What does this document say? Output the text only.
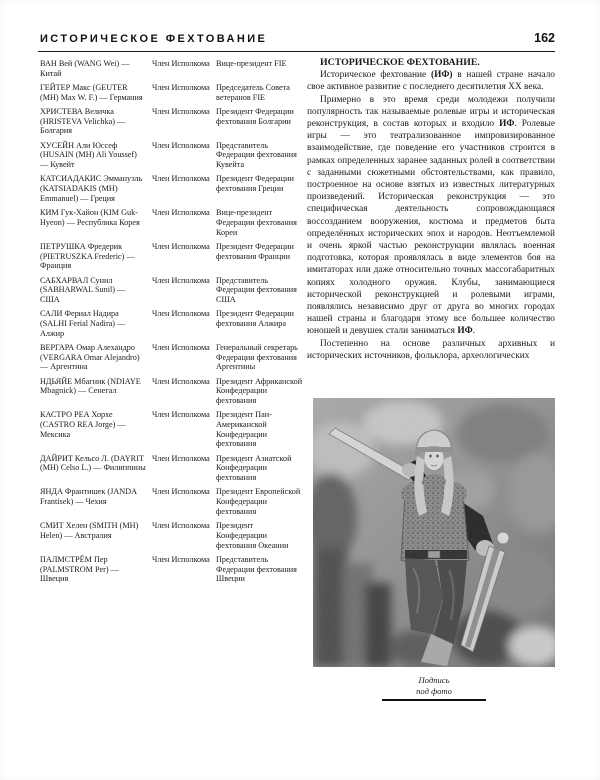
ИСТОРИЧЕСКОЕ ФЕХТОВАНИЕ	162
ВАН Вей (WANG Wei) — Китай
Член Исполкома Вице-президент FIE
ГЕЙТЕР Макс (GEUTER (MH) Max W. F.) — Германия
Член Исполкома Председатель Совета ветеранов FIE
ХРИСТЕВА Величка (HRISTEVA Velichka) — Болгария
Член Исполкома Президент Федерации фехтования Болгарии
ХУСЕЙН Али Юссеф (HUSAIN (MH) Ali Youssef) — Кувейт
Член Исполкома Представитель Федерации фехтования Кувейта
КАТСИАДАКИС Эммануэль (KATSIADAKIS (MH) Emmanuel) — Греция
Член Исполкома Президент Федерации фехтования Греции
КИМ Гук-Хайон (KIM Guk-Hyeon) — Республика Корея
Член Исполкома Вице-президент Федерации фехтования Кореи
ПЕТРУШКА Фредерик (PIETRUSZKA Frederic) — Франция
Член Исполкома Президент Федерации фехтования Франции
САБХАРВАЛ Сунил (SABHARWAL Sunil) — США
Член Исполкома Представитель Федерации фехтования США
САЛИ Фериал Надира (SALHI Ferial Nadira) — Алжир
Член Исполкома Президент Федерации фехтования Алжира
ВЕРГАРА Омар Алехандро (VERGARA Omar Alejandro) — Аргентина
Член Исполкома Генеральный секретарь Федерации фехтования Аргентины
НДЬЯЙЕ Мбагник (NDIAYE Mbagnick) — Сенегал
Член Исполкома Президент Африканской Конфедерации фехтования
КАСТРО РЕА Хорхе (CASTRO REA Jorge) — Мексика
Член Исполкома Президент Пан-Американской Конфедерации фехтования
ДАЙРИТ Кельсо Л. (DAYRIT (MH) Celso L.) — Филиппины
Член Исполкома Президент Азиатской Конфедерации фехтования
ЯНДА Франтишек (JANDA Frantisek) — Чехия
Член Исполкома Президент Европейской Конфедерации фехтования
СМИТ Хелен (SMITH (MH) Helen) — Австралия
Член Исполкома Президент Конфедерации фехтования Океании
ПАЛМСТРЁМ Пер (PALMSTROM Per) — Швеция
Член Исполкома Представитель Федерации фехтования Швеции
ИСТОРИЧЕСКОЕ ФЕХТОВАНИЕ.

Историческое фехтование (ИФ) в нашей стране начало свое активное развитие с последнего десятилетия XX века.

Примерно в это время среди молодежи получили популярность так называемые ролевые игры и историческая реконструкция, в состав которых и входило ИФ. Ролевые игры — это театрализованное импровизированное взаимодействие, где поведение его участников строится в рамках определенных заранее заданных ролей в соответствии с заданными сюжетными обстоятельствами, как правило, построенное на основе взятых из известных литературных произведений. Историческая реконструкция — это специфическая деятельность сопровождающаяся воссозданием вооружения, костюма и предметов быта определённых исторических эпох и народов. Неотъемлемой и очень яркой частью реконструкции являлась военная подготовка, которая проявлялась в виде элементов боя на имитаторах или даже относительно точных массогабаритных копиях холодного оружия. Клубы, занимающиеся исторической реконструкцией и ролевыми играми, появлялись независимо друг от друга во многих городах нашей страны и благодаря этому все большее количество юношей и девушек стали заниматься ИФ.

Постепенно на основе различных архивных и исторических источников, фольклора, археологических

Подпись
под фото
